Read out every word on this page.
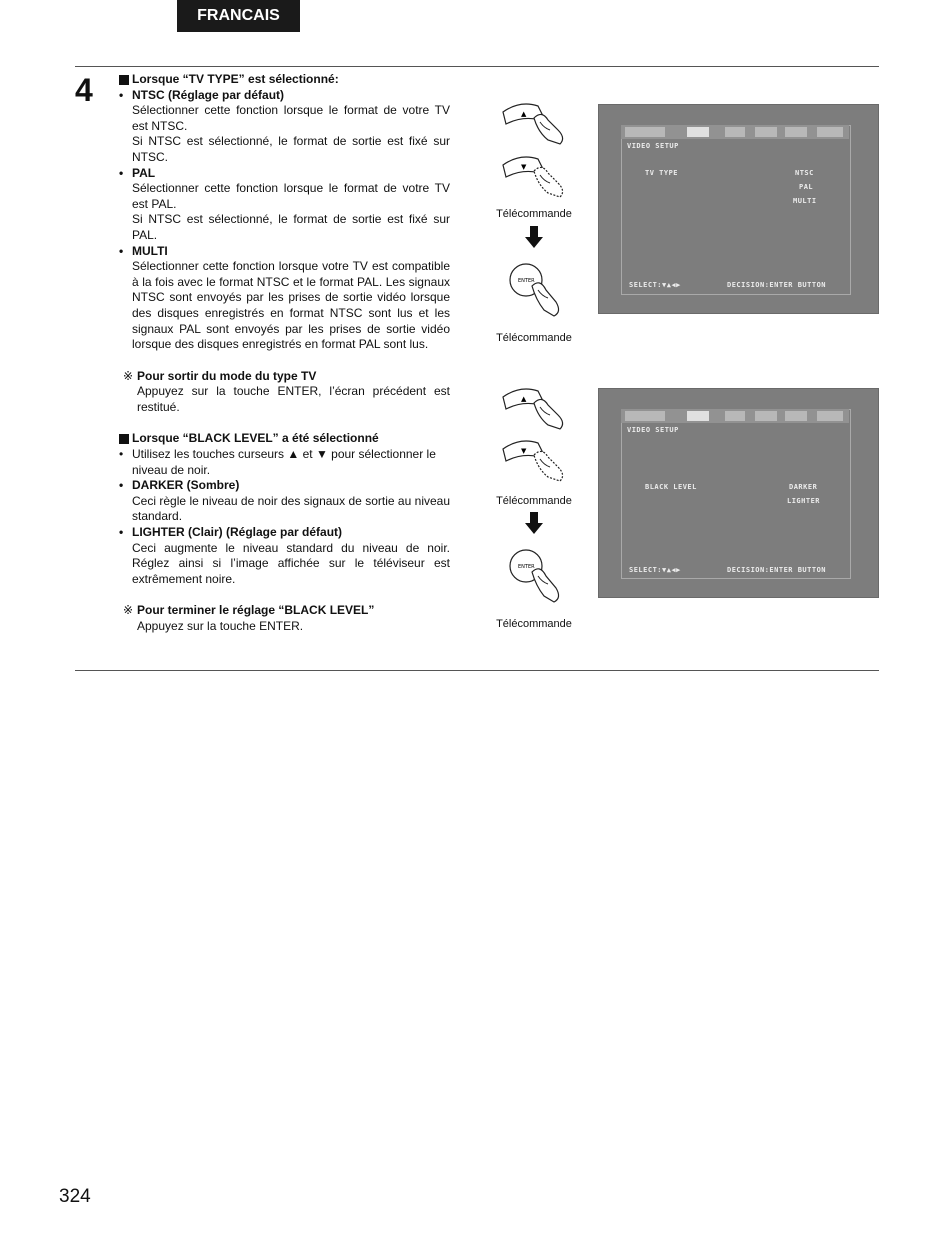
FRANCAIS
4	Lorsque “TV TYPE” est sélectionné:

• NTSC (Réglage par défaut)

Sélectionner cette fonction lorsque le format de votre TV est NTSC.

Si NTSC est sélectionné, le format de sortie est fixé sur NTSC.

• PAL

Sélectionner cette fonction lorsque le format de votre TV est PAL.

Si NTSC est sélectionné, le format de sortie est fixé sur PAL.

• MULTI

Sélectionner cette fonction lorsque votre TV est compatible à la fois avec le format NTSC et le format PAL. Les signaux NTSC sont envoyés par les prises de sortie vidéo lorsque des disques enregistrés en format NTSC sont lus et les signaux PAL sont envoyés par les prises de sortie vidéo lorsque des disques enregistrés en format PAL sont lus.

※ Pour sortir du mode du type TV

Appuyez sur la touche ENTER, l’écran précédent est restitué.

Lorsque “BLACK LEVEL” a été sélectionné

• Utilisez les touches curseurs ▲ et ▼ pour sélectionner le niveau de noir.

• DARKER (Sombre)

Ceci règle le niveau de noir des signaux de sortie au niveau standard.

• LIGHTER (Clair) (Réglage par défaut)

Ceci augmente le niveau standard du niveau de noir. Réglez ainsi si l’image affichée sur le téléviseur est extrêmement noire.

※ Pour terminer le réglage “BLACK LEVEL”

Appuyez sur la touche ENTER.

▲
▼
Télécommande
ENTER
Télécommande
▲
▼
Télécommande
ENTER
Télécommande
VIDEO SETUP
TV TYPE	NTSC
PAL
MULTI
SELECT:▼▲◀▶	DECISION:ENTER BUTTON
VIDEO SETUP
BLACK LEVEL	DARKER
LIGHTER
SELECT:▼▲◀▶	DECISION:ENTER BUTTON
324
